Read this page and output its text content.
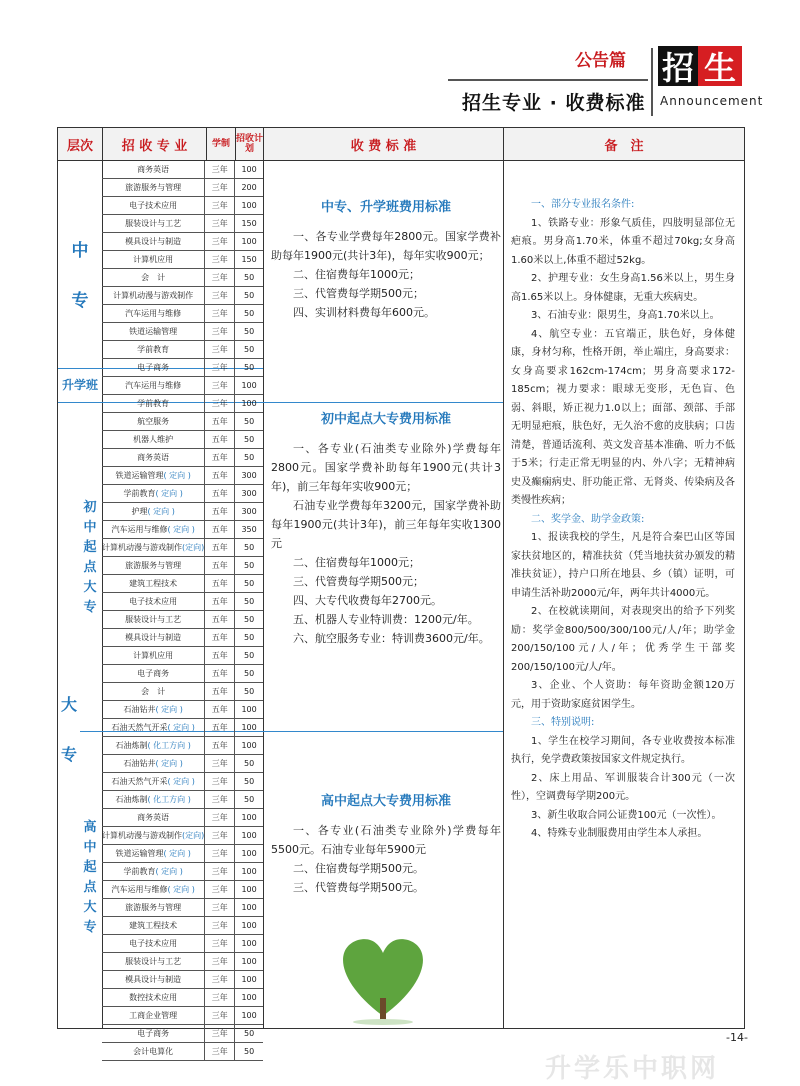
公告篇
招生专业 · 收费标准
招 生
Announcement
层次	招 收 专 业	学制 招收计划	收 费 标 准	备　注
中
专
升学班
大
专
初中起点大专
高中起点大专
商务英语	三年	100
旅游服务与管理	三年	200
电子技术应用	三年	100
服装设计与工艺	三年	150
模具设计与制造	三年	100
计算机应用	三年	150
会　计	三年	50
计算机动漫与游戏制作	三年	50
汽车运用与维修	三年	50
铁道运输管理	三年	50
学前教育	三年	50
电子商务	三年	50
汽车运用与维修	三年	100
学前教育	三年	100
航空服务	五年	50
机器人维护	五年	50
商务英语	五年	50
铁道运输管理( 定向 )	五年	300
学前教育( 定向 )	五年	300
护理( 定向 )	五年	300
汽车运用与维修( 定向 )	五年	350
计算机动漫与游戏制作(定向) 五年	50
旅游服务与管理	五年	50
建筑工程技术	五年	50
电子技术应用	五年	50
服装设计与工艺	五年	50
模具设计与制造	五年	50
计算机应用	五年	50
电子商务	五年	50
会　计	五年	50
石油钻井( 定向 )	五年	100
石油天然气开采( 定向 )	五年	100
石油炼制( 化工方向 )	五年	100
石油钻井( 定向 )	三年	50
石油天然气开采( 定向 )	三年	50
石油炼制( 化工方向 )	三年	50
商务英语	三年	100
计算机动漫与游戏制作(定向) 三年	100
铁道运输管理( 定向 )	三年	100
学前教育( 定向 )	三年	100
汽车运用与维修( 定向 )	三年	100
旅游服务与管理	三年	100
建筑工程技术	三年	100
电子技术应用	三年	100
服装设计与工艺	三年	100
模具设计与制造	三年	100
数控技术应用	三年	100
工商企业管理	三年	100
电子商务	三年	50
会计电算化	三年	50
中专、升学班费用标准

一、各专业学费每年2800元。国家学费补助每年1900元(共计3年)，每年实收900元；

二、住宿费每年1000元；

三、代管费每学期500元；

四、实训材料费每年600元。

初中起点大专费用标准

一、各专业(石油类专业除外)学费每年2800元。国家学费补助每年1900元(共计3年)，前三年每年实收900元；

石油专业学费每年3200元，国家学费补助每年1900元(共计3年)，前三年每年实收1300元

二、住宿费每年1000元；

三、代管费每学期500元；

四、大专代收费每年2700元。

五、机器人专业特训费：1200元/年。

六、航空服务专业：特训费3600元/年。

高中起点大专费用标准

一、各专业(石油类专业除外)学费每年5500元。石油专业每年5900元

二、住宿费每学期500元。

三、代管费每学期500元。

一、部分专业报名条件:

1、铁路专业：形象气质佳，四肢明显部位无疤痕。男身高1.70米，体重不超过70kg;女身高1.60米以上,体重不超过52kg。

2、护理专业：女生身高1.56米以上，男生身高1.65米以上。身体健康，无重大疾病史。

3、石油专业：限男生，身高1.70米以上。

4、航空专业：五官端正，肤色好，身体健康，身材匀称，性格开朗，举止端庄，身高要求：女身高要求162cm-174cm；男身高要求172-185cm；视力要求：眼球无变形，无色盲、色弱、斜眼，矫正视力1.0以上；面部、颈部、手部无明显疤痕，肤色好，无久治不愈的皮肤病；口齿清楚，普通话流利、英文发音基本准确、听力不低于5米；行走正常无明显的内、外八字；无精神病史及癫痫病史、肝功能正常、无肾炎、传染病及各类慢性疾病；

二、奖学金、助学金政策:

1、报读我校的学生，凡是符合秦巴山区等国家扶贫地区的，精准扶贫（凭当地扶贫办颁发的精准扶贫证），持户口所在地县、乡（镇）证明，可申请生活补助2000元/年，两年共计4000元。

2、在校就读期间，对表现突出的给予下列奖励：奖学金800/500/300/100元/人/年；助学金200/150/100元/人/年；优秀学生干部奖200/150/100元/人/年。

3、企业、个人资助：每年资助金额120万元，用于资助家庭贫困学生。

三、特别说明:

1、学生在校学习期间，各专业收费按本标准执行，免学费政策按国家文件规定执行。

2、床上用品、军训服装合计300元（一次性），空调费每学期200元。

3、新生收取合同公证费100元（一次性）。

4、特殊专业制服费用由学生本人承担。

-14-
升学乐中职网
